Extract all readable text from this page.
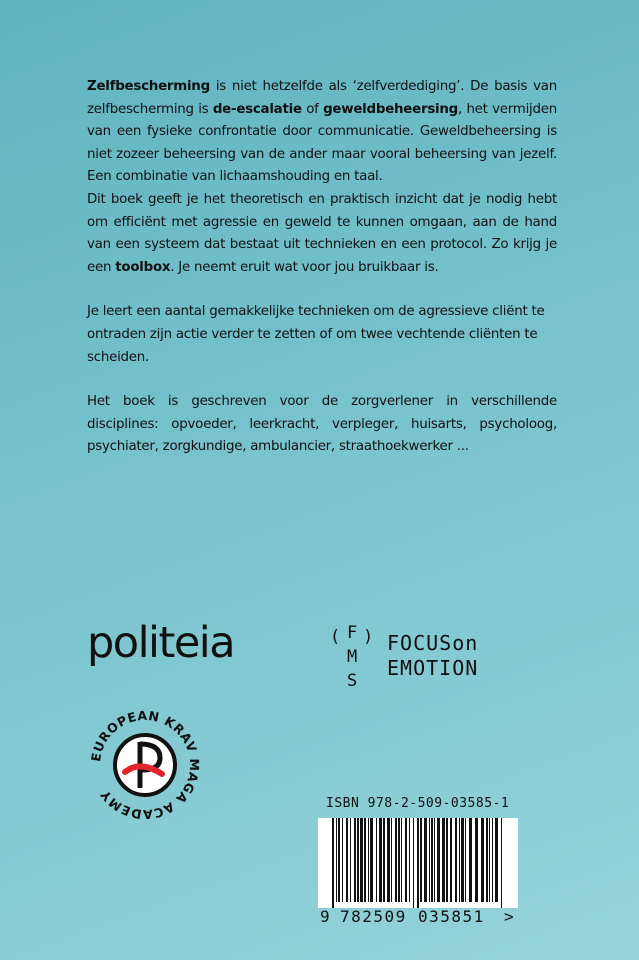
Zelfbescherming is niet hetzelfde als ‘zelfverdediging’. De basis van zelfbescherming is de-escalatie of geweldbeheersing, het vermijden van een fysieke confrontatie door communicatie. Geweldbeheersing is niet zozeer beheersing van de ander maar vooral beheersing van jezelf. Een combinatie van lichaamshouding en taal.

Dit boek geeft je het theoretisch en praktisch inzicht dat je nodig hebt om efficiënt met agressie en geweld te kunnen omgaan, aan de hand van een systeem dat bestaat uit technieken en een protocol. Zo krijg je een toolbox. Je neemt eruit wat voor jou bruikbaar is.

Je leert een aantal gemakkelijke technieken om de agressieve cliënt te ontraden zijn actie verder te zetten of om twee vechtende cliënten te scheiden.

Het boek is geschreven voor de zorgverlener in verschillende disciplines: opvoeder, leerkracht, verpleger, huisarts, psycholoog, psychiater, zorgkundige, ambulancier, straathoekwerker ...

politeia	( F
M
S
) FOCUSon
EMOTION
EUROPEAN KRAV MAGA ACADEMY	ISBN 978-2-509-03585-1
9 782509 035851 >
